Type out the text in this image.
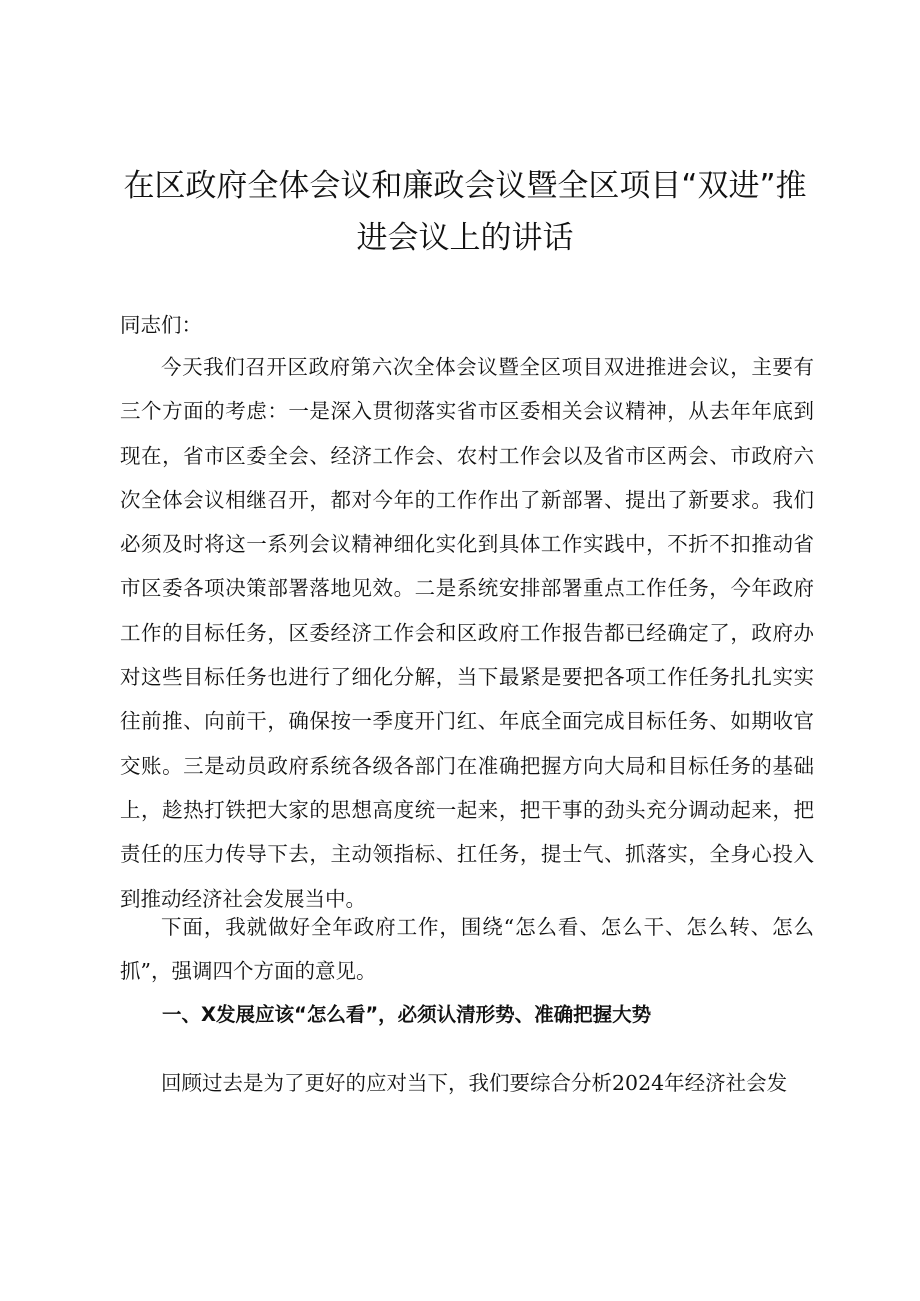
在区政府全体会议和廉政会议暨全区项目“双进”推进会议上的讲话

同志们：

今天我们召开区政府第六次全体会议暨全区项目双进推进会议，主要有三个方面的考虑：一是深入贯彻落实省市区委相关会议精神，从去年年底到现在，省市区委全会、经济工作会、农村工作会以及省市区两会、市政府六次全体会议相继召开，都对今年的工作作出了新部署、提出了新要求。我们必须及时将这一系列会议精神细化实化到具体工作实践中，不折不扣推动省市区委各项决策部署落地见效。二是系统安排部署重点工作任务，今年政府工作的目标任务，区委经济工作会和区政府工作报告都已经确定了，政府办对这些目标任务也进行了细化分解，当下最紧是要把各项工作任务扎扎实实往前推、向前干，确保按一季度开门红、年底全面完成目标任务、如期收官交账。三是动员政府系统各级各部门在准确把握方向大局和目标任务的基础上，趁热打铁把大家的思想高度统一起来，把干事的劲头充分调动起来，把责任的压力传导下去，主动领指标、扛任务，提士气、抓落实，全身心投入到推动经济社会发展当中。

下面，我就做好全年政府工作，围绕“怎么看、怎么干、怎么转、怎么抓”，强调四个方面的意见。

一、X发展应该“怎么看”，必须认清形势、准确把握大势

回顾过去是为了更好的应对当下，我们要综合分析2024年经济社会发
